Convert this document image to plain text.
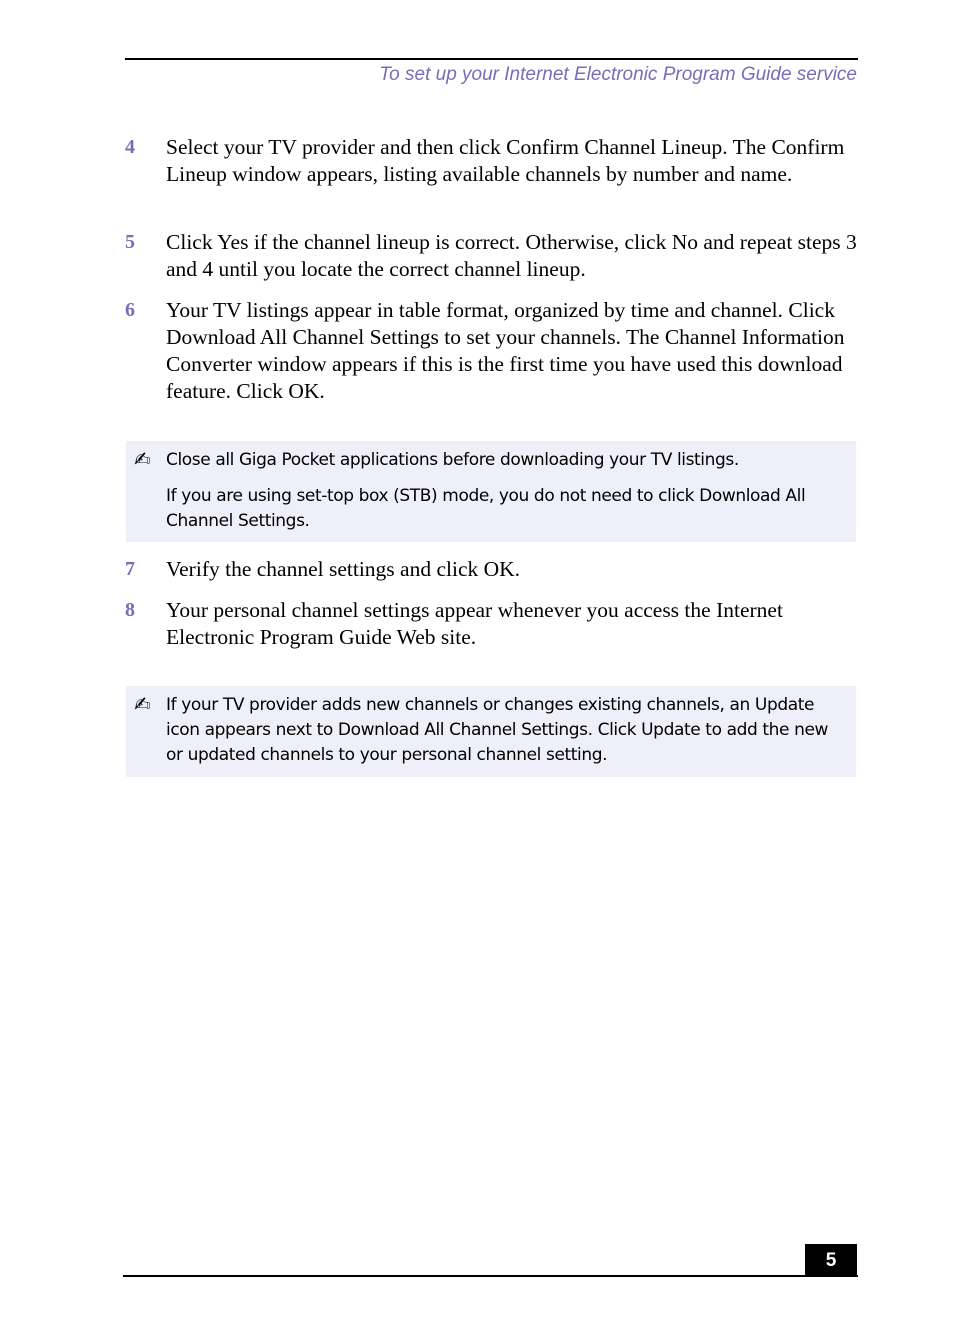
To set up your Internet Electronic Program Guide service
4 Select your TV provider and then click Confirm Channel Lineup. The Confirm Lineup window appears, listing available channels by number and name.
5 Click Yes if the channel lineup is correct. Otherwise, click No and repeat steps 3 and 4 until you locate the correct channel lineup.
6 Your TV listings appear in table format, organized by time and channel. Click Download All Channel Settings to set your channels. The Channel Information Converter window appears if this is the first time you have used this download feature. Click OK.
✍ Close all Giga Pocket applications before downloading your TV listings.
If you are using set-top box (STB) mode, you do not need to click Download All Channel Settings.
7 Verify the channel settings and click OK.
8 Your personal channel settings appear whenever you access the Internet Electronic Program Guide Web site.
✍ If your TV provider adds new channels or changes existing channels, an Update icon appears next to Download All Channel Settings. Click Update to add the new or updated channels to your personal channel setting.
5
